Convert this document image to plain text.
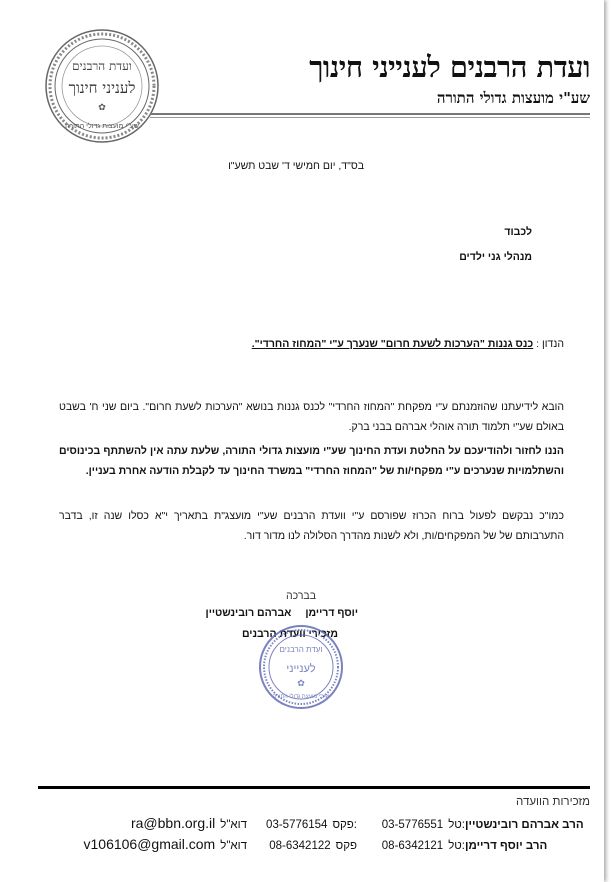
ועדת הרבנים
לעניני חינוך
✿
שע"י מועצות גדולי התורה
ועדת הרבנים לענייני חינוך
שע"י מועצות גדולי התורה
בס"ד, יום חמישי ד' שבט תשע"ו
לכבוד
מנהלי גני ילדים
הנדון : כנס גננות "הערכות לשעת חרום" שנערך ע"י "המחוז החרדי".
הובא לידיעתנו שהוזמנתם ע"י מפקחת "המחוז החרדי" לכנס גננות בנושא "הערכות לשעת חרום". ביום שני ח' בשבט באולם שע"י תלמוד תורה אוהלי אברהם בבני ברק.
הננו לחזור ולהודיעכם על החלטת ועדת החינוך שע"י מועצות גדולי התורה, שלעת עתה אין להשתתף בכינוסים והשתלמויות שנערכים ע"י מפקחי/ות של "המחוז החרדי" במשרד החינוך עד לקבלת הודעה אחרת בעניין.
כמו"כ נבקשם לפעול ברוח הכרוז שפורסם ע"י וועדת הרבנים שע"י מועצג"ת בתאריך י"א כסלו שנה זו, בדבר התערבותם של של המפקחים/ות, ולא לשנות מהדרך הסלולה לנו מדור דור.
בברכה
אברהם רובינשטיין יוסף דריימן
מזכירי וועדת הרבנים
ועדת הרבנים
לענייני
✿
שע"י מועצת גדולי התורה
מזכירות הוועדה
הרב אברהם רובינשטיין
טל:
03-5776551
פקס:
03-5776154
דוא"ל
ra@bbn.org.il
הרב יוסף דריימן
טל:
08-6342121
פקס
08-6342122
דוא"ל
v106106@gmail.com
